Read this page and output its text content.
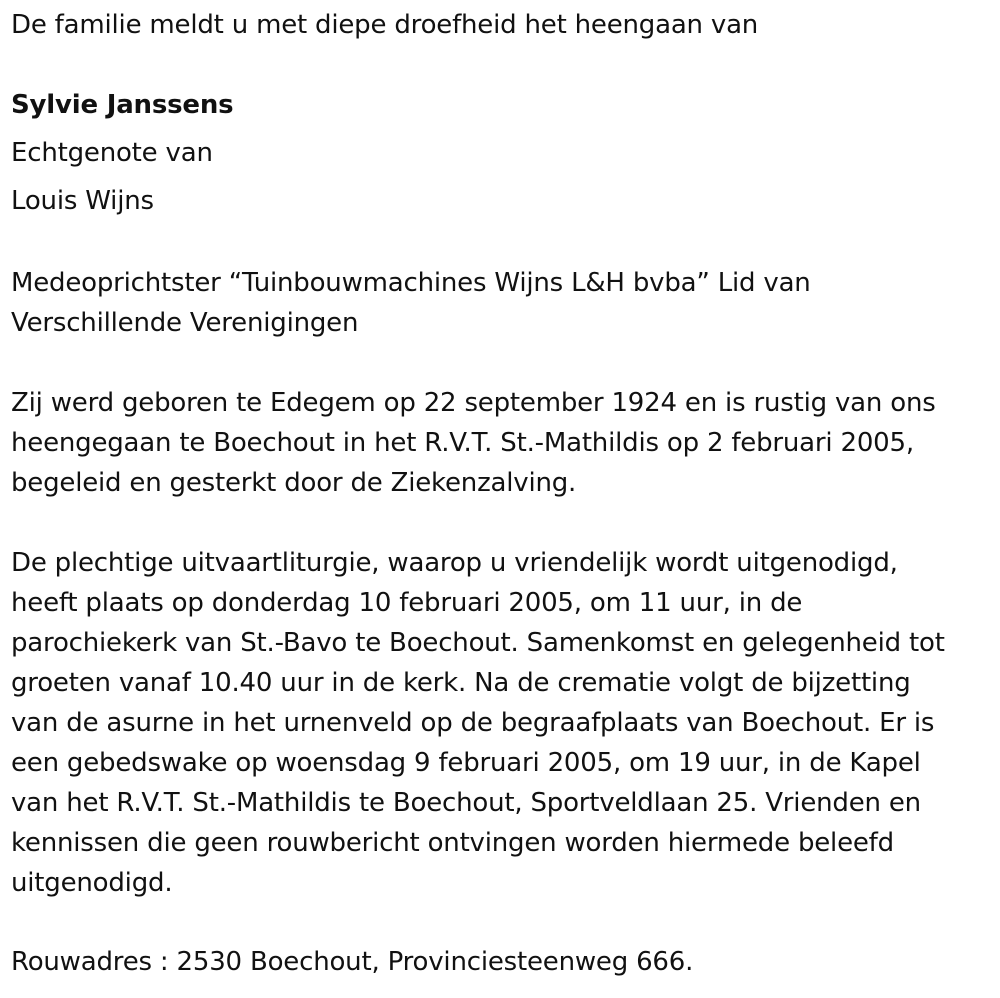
De familie meldt u met diepe droefheid het heengaan van

Sylvie Janssens

Echtgenote van

Louis Wijns

Medeoprichtster “Tuinbouwmachines Wijns L&H bvba” Lid van

Verschillende Verenigingen

Zij werd geboren te Edegem op 22 september 1924 en is rustig van ons

heengegaan te Boechout in het R.V.T. St.-Mathildis op 2 februari 2005,

begeleid en gesterkt door de Ziekenzalving.

De plechtige uitvaartliturgie, waarop u vriendelijk wordt uitgenodigd,

heeft plaats op donderdag 10 februari 2005, om 11 uur, in de

parochiekerk van St.-Bavo te Boechout. Samenkomst en gelegenheid tot

groeten vanaf 10.40 uur in de kerk. Na de crematie volgt de bijzetting

van de asurne in het urnenveld op de begraafplaats van Boechout. Er is

een gebedswake op woensdag 9 februari 2005, om 19 uur, in de Kapel

van het R.V.T. St.-Mathildis te Boechout, Sportveldlaan 25. Vrienden en

kennissen die geen rouwbericht ontvingen worden hiermede beleefd

uitgenodigd.

Rouwadres : 2530 Boechout, Provinciesteenweg 666.
